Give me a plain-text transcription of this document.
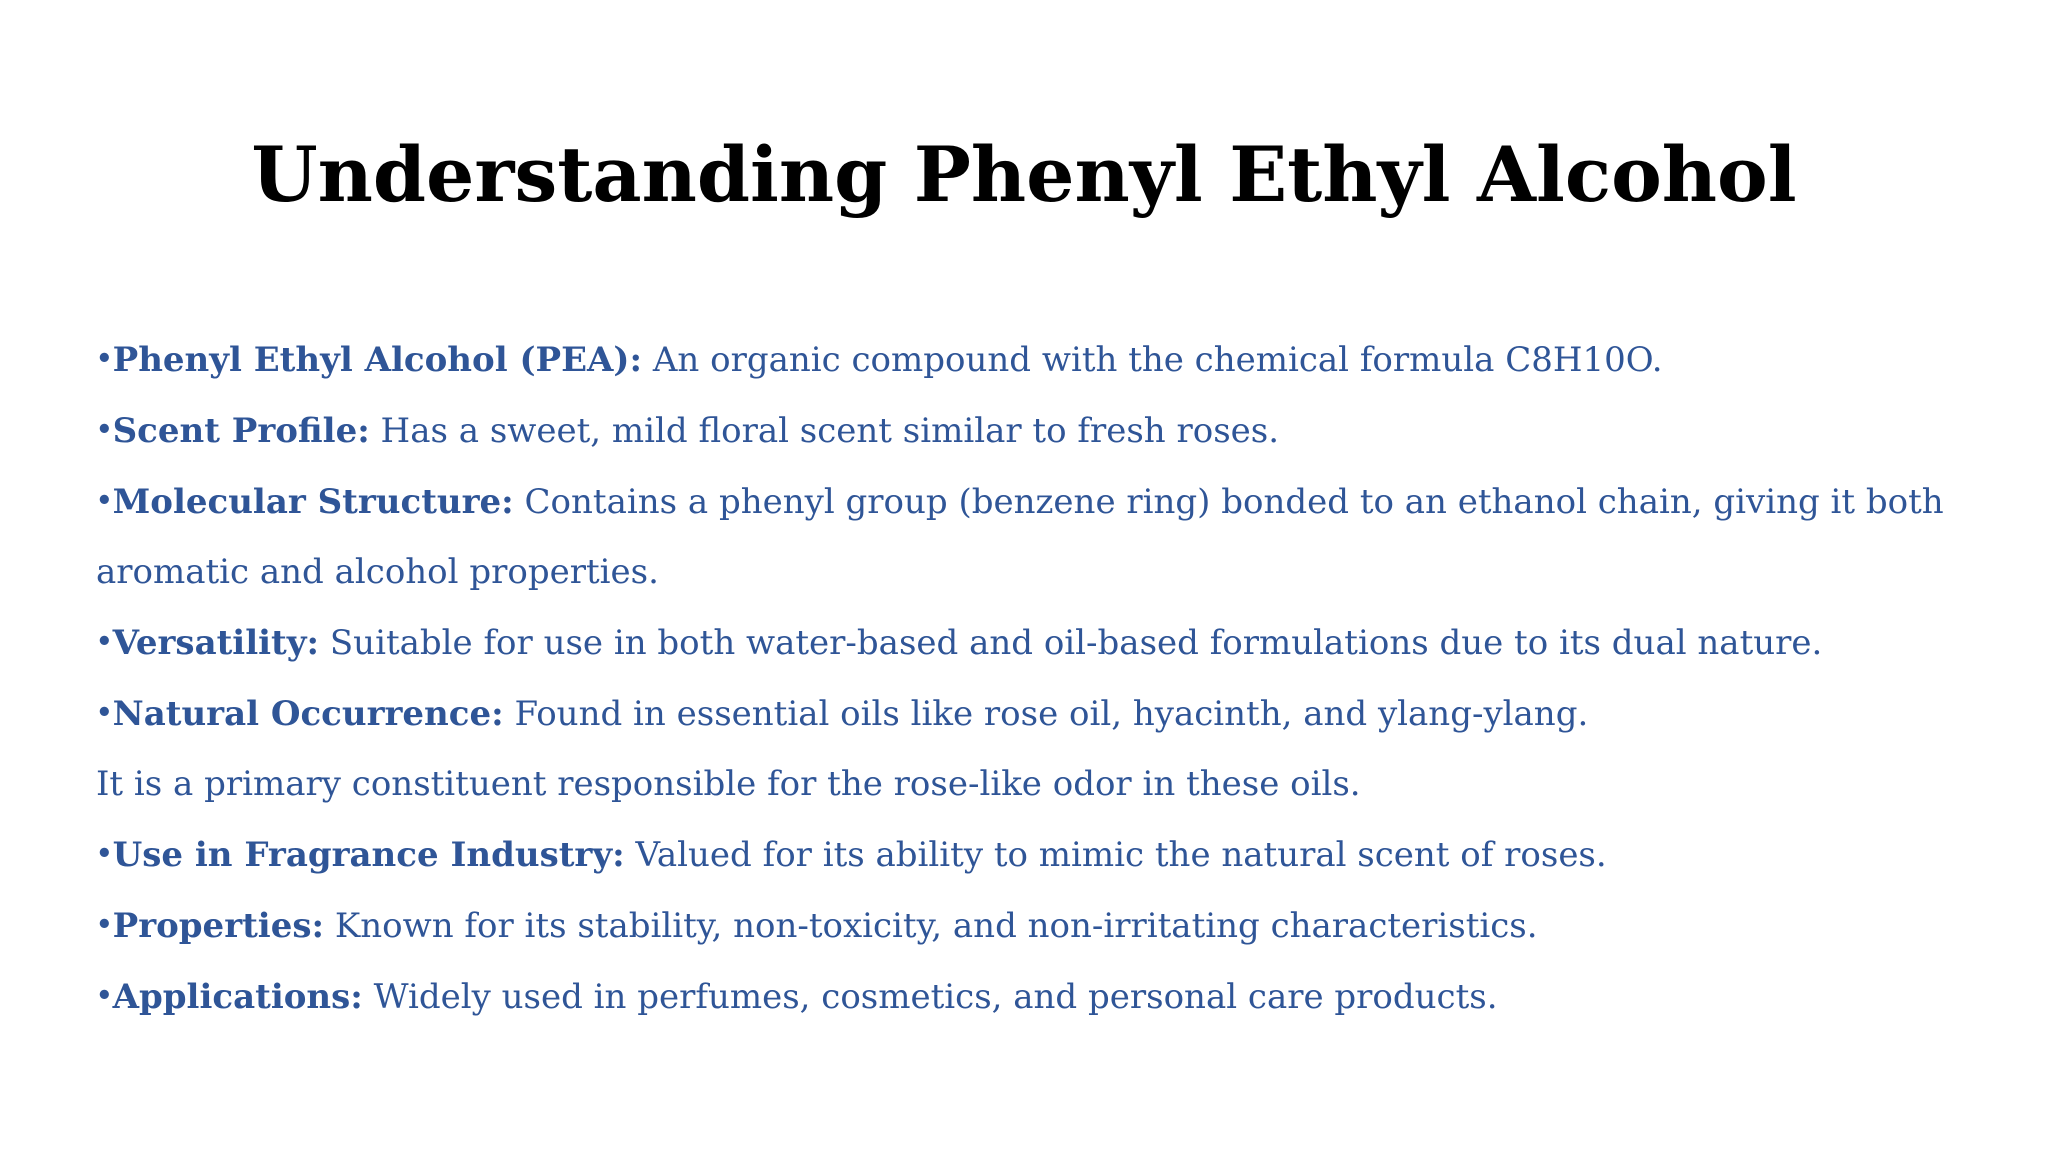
Understanding Phenyl Ethyl Alcohol

•Phenyl Ethyl Alcohol (PEA): An organic compound with the chemical formula C8H10O.

•Scent Profile: Has a sweet, mild floral scent similar to fresh roses.

•Molecular Structure: Contains a phenyl group (benzene ring) bonded to an ethanol chain, giving it both aromatic and alcohol properties.

•Versatility: Suitable for use in both water-based and oil-based formulations due to its dual nature.

•Natural Occurrence: Found in essential oils like rose oil, hyacinth, and ylang-ylang.

It is a primary constituent responsible for the rose-like odor in these oils.

•Use in Fragrance Industry: Valued for its ability to mimic the natural scent of roses.

•Properties: Known for its stability, non-toxicity, and non-irritating characteristics.

•Applications: Widely used in perfumes, cosmetics, and personal care products.
